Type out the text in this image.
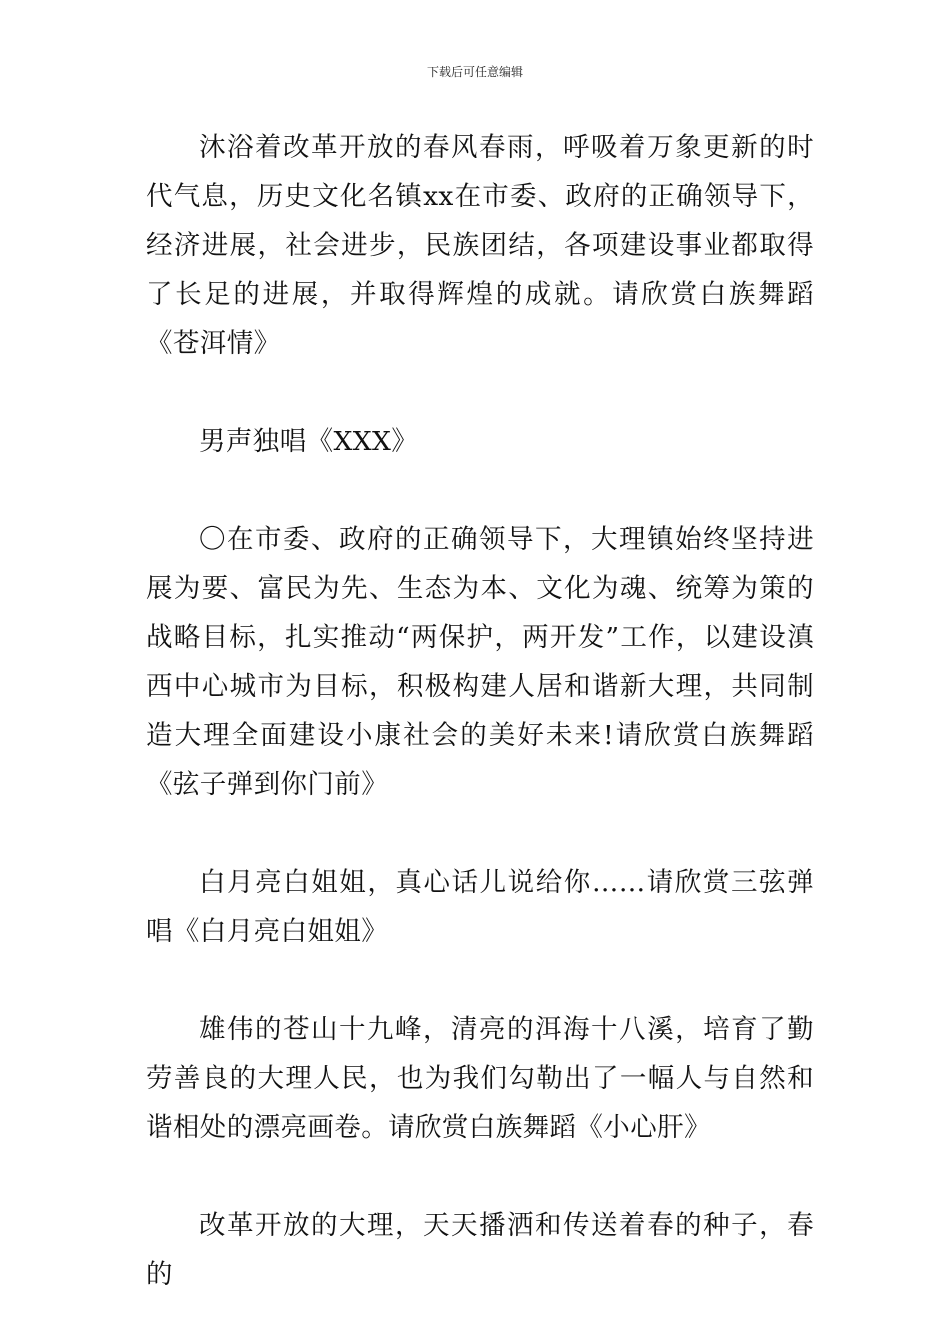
下载后可任意编辑

沐浴着改革开放的春风春雨，呼吸着万象更新的时代气息，历史文化名镇xx在市委、政府的正确领导下，经济进展，社会进步，民族团结，各项建设事业都取得了长足的进展，并取得辉煌的成就。请欣赏白族舞蹈《苍洱情》

男声独唱《XXX》

〇在市委、政府的正确领导下，大理镇始终坚持进展为要、富民为先、生态为本、文化为魂、统筹为策的战略目标，扎实推动“两保护，两开发”工作，以建设滇西中心城市为目标，积极构建人居和谐新大理，共同制造大理全面建设小康社会的美好未来!请欣赏白族舞蹈《弦子弹到你门前》

白月亮白姐姐，真心话儿说给你……请欣赏三弦弹唱《白月亮白姐姐》

雄伟的苍山十九峰，清亮的洱海十八溪，培育了勤劳善良的大理人民，也为我们勾勒出了一幅人与自然和谐相处的漂亮画卷。请欣赏白族舞蹈《小心肝》

改革开放的大理，天天播洒和传送着春的种子，春的
